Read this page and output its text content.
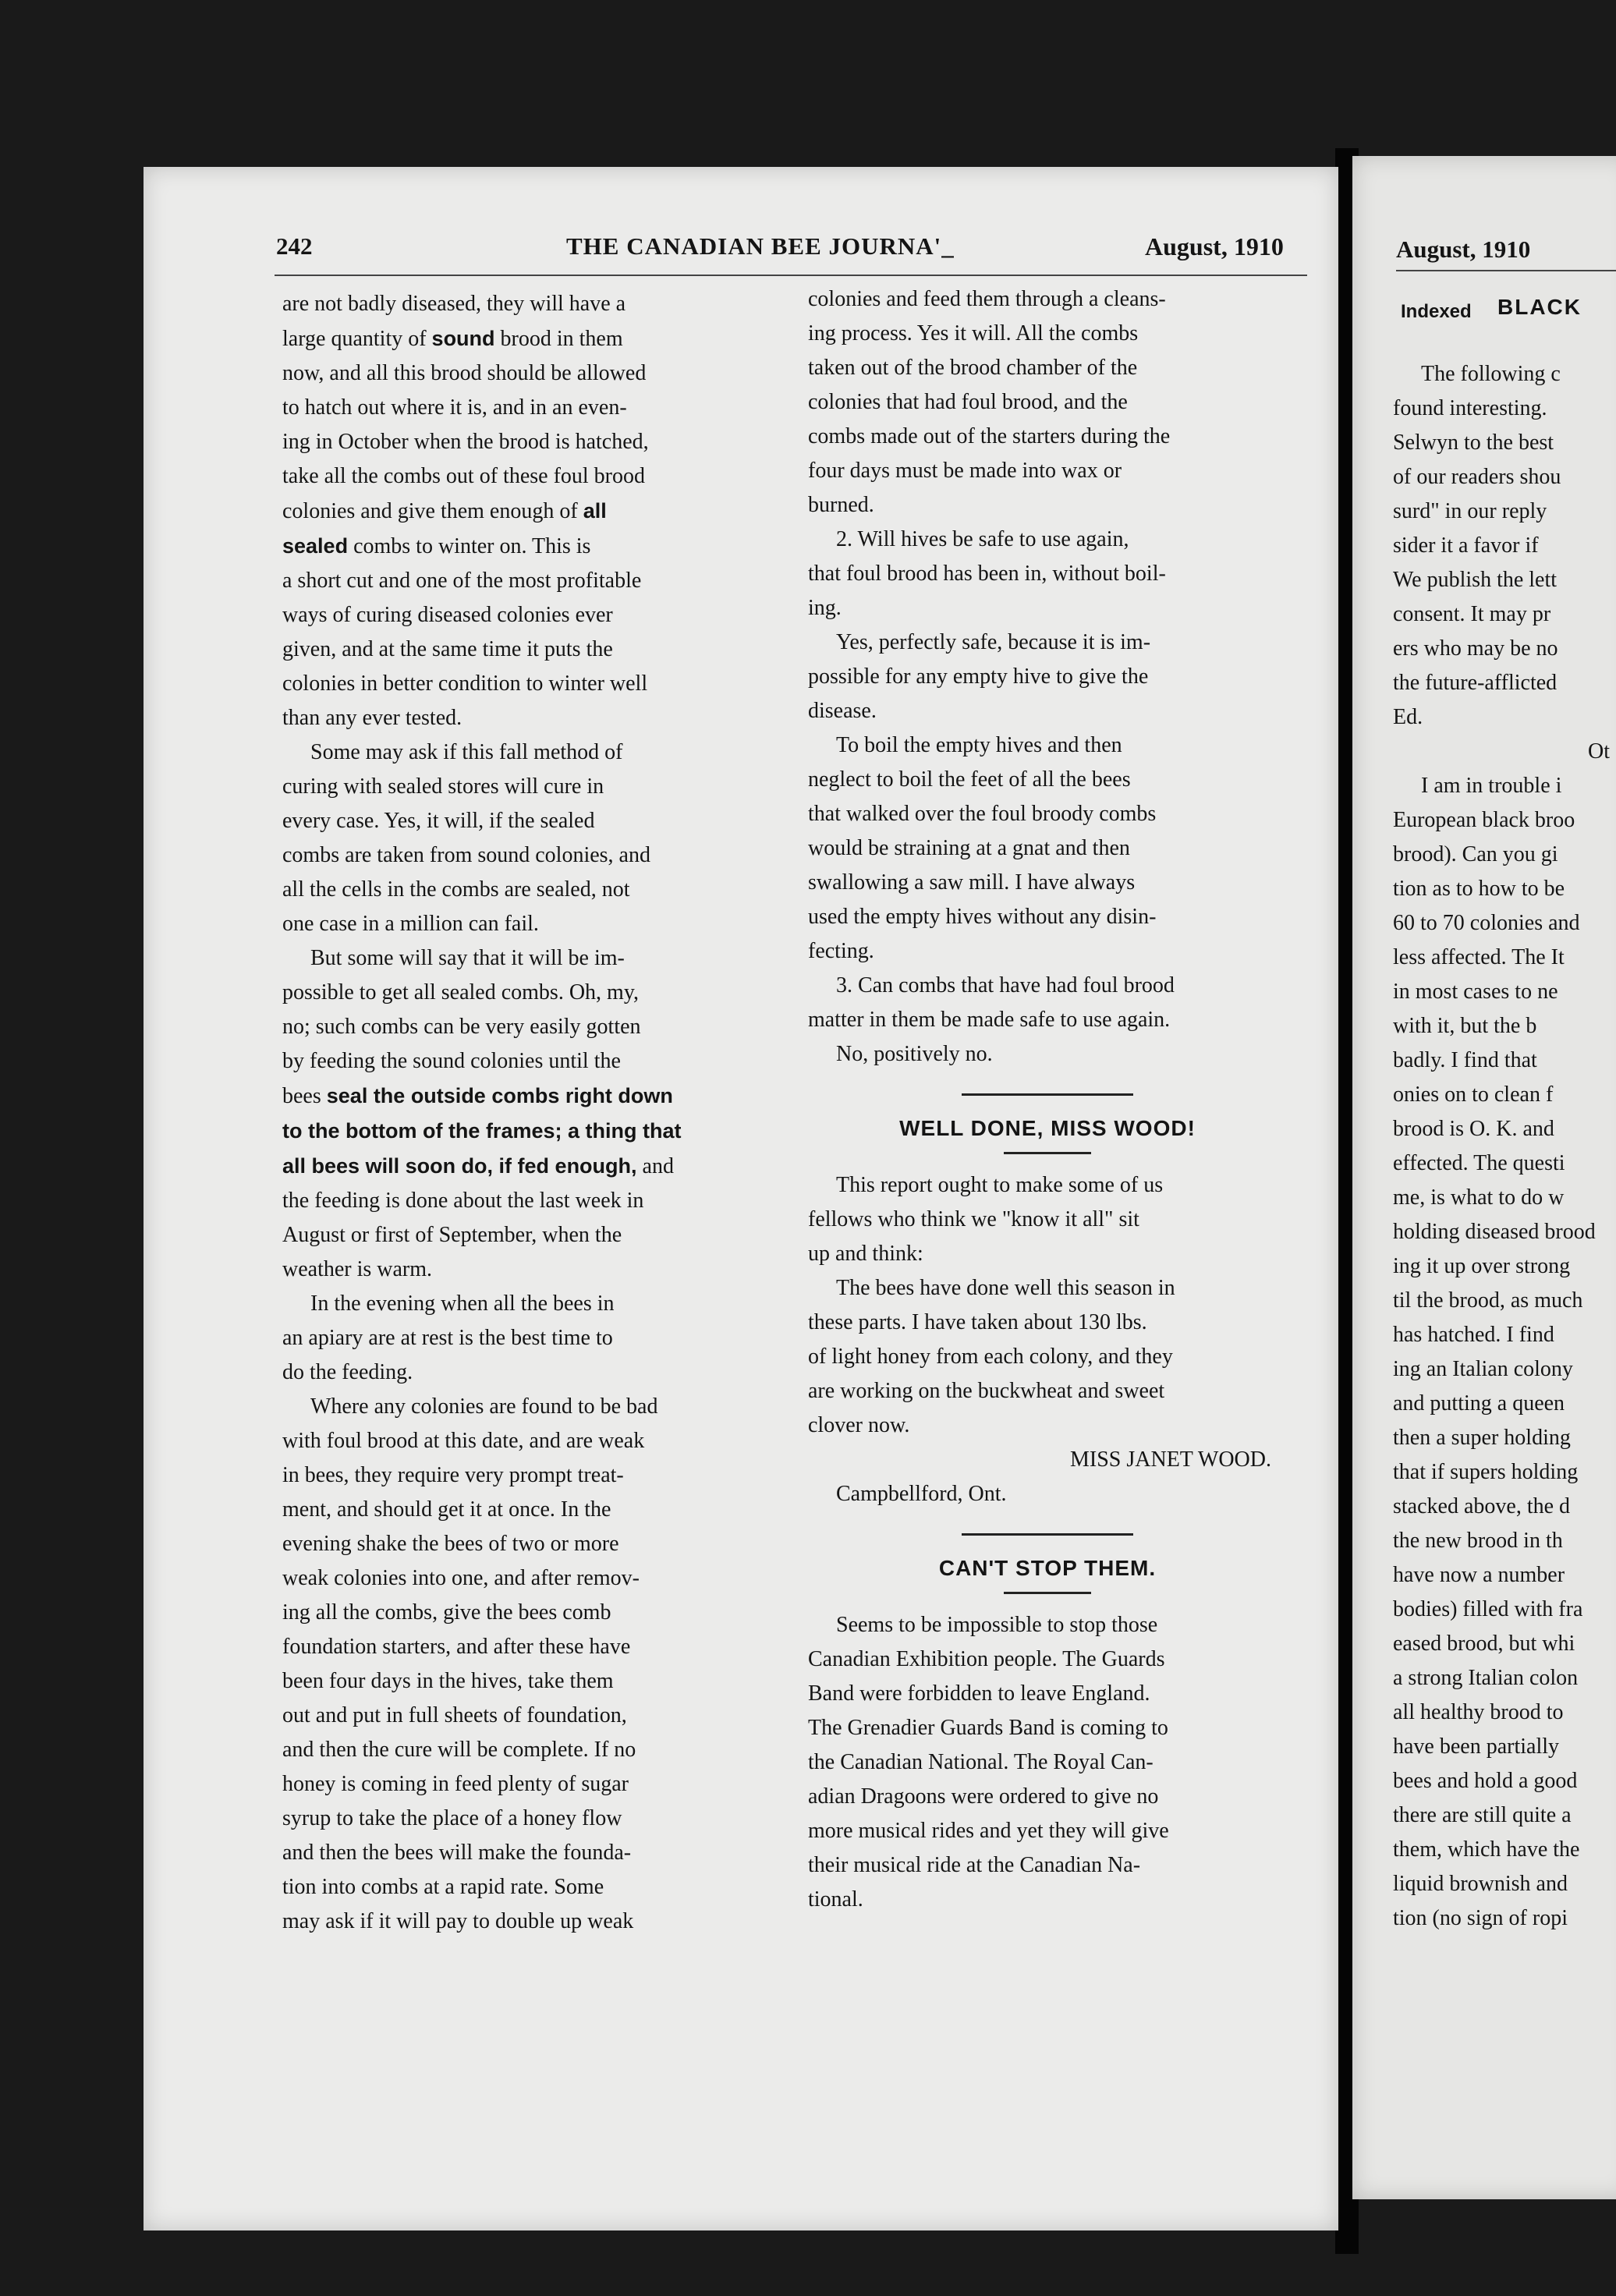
242	THE CANADIAN BEE JOURNA'_	August, 1910

are not badly diseased, they will have a
large quantity of sound brood in them
now, and all this brood should be allowed
to hatch out where it is, and in an even-
ing in October when the brood is hatched,
take all the combs out of these foul brood
colonies and give them enough of all
sealed combs to winter on. This is
a short cut and one of the most profitable
ways of curing diseased colonies ever
given, and at the same time it puts the
colonies in better condition to winter well
than any ever tested.

Some may ask if this fall method of
curing with sealed stores will cure in
every case. Yes, it will, if the sealed
combs are taken from sound colonies, and
all the cells in the combs are sealed, not
one case in a million can fail.

But some will say that it will be im-
possible to get all sealed combs. Oh, my,
no; such combs can be very easily gotten
by feeding the sound colonies until the
bees seal the outside combs right down
to the bottom of the frames; a thing that
all bees will soon do, if fed enough, and
the feeding is done about the last week in
August or first of September, when the
weather is warm.

In the evening when all the bees in
an apiary are at rest is the best time to
do the feeding.

Where any colonies are found to be bad
with foul brood at this date, and are weak
in bees, they require very prompt treat-
ment, and should get it at once. In the
evening shake the bees of two or more
weak colonies into one, and after remov-
ing all the combs, give the bees comb
foundation starters, and after these have
been four days in the hives, take them
out and put in full sheets of foundation,
and then the cure will be complete. If no
honey is coming in feed plenty of sugar
syrup to take the place of a honey flow
and then the bees will make the founda-
tion into combs at a rapid rate. Some
may ask if it will pay to double up weak

colonies and feed them through a cleans-
ing process. Yes it will. All the combs
taken out of the brood chamber of the
colonies that had foul brood, and the
combs made out of the starters during the
four days must be made into wax or
burned.

2. Will hives be safe to use again,
that foul brood has been in, without boil-
ing.

Yes, perfectly safe, because it is im-
possible for any empty hive to give the
disease.

To boil the empty hives and then
neglect to boil the feet of all the bees
that walked over the foul broody combs
would be straining at a gnat and then
swallowing a saw mill. I have always
used the empty hives without any disin-
fecting.

3. Can combs that have had foul brood
matter in them be made safe to use again.

No, positively no.

WELL DONE, MISS WOOD!

This report ought to make some of us
fellows who think we "know it all" sit
up and think:

The bees have done well this season in
these parts. I have taken about 130 lbs.
of light honey from each colony, and they
are working on the buckwheat and sweet
clover now.

MISS JANET WOOD.

Campbellford, Ont.

CAN'T STOP THEM.

Seems to be impossible to stop those
Canadian Exhibition people. The Guards
Band were forbidden to leave England.
The Grenadier Guards Band is coming to
the Canadian National. The Royal Can-
adian Dragoons were ordered to give no
more musical rides and yet they will give
their musical ride at the Canadian Na-
tional.

August, 1910
Indexed BLACK
The following c
found interesting.
Selwyn to the best
of our readers shou
surd" in our reply
sider it a favor if
We publish the lett
consent. It may pr
ers who may be no
the future-afflicted
Ed.
Ot
I am in trouble i
European black broo
brood). Can you gi
tion as to how to be
60 to 70 colonies and
less affected. The It
in most cases to ne
with it, but the b
badly. I find that
onies on to clean f
brood is O. K. and
effected. The questi
me, is what to do w
holding diseased brood
ing it up over strong
til the brood, as much
has hatched. I find
ing an Italian colony
and putting a queen
then a super holding
that if supers holding
stacked above, the d
the new brood in th
have now a number
bodies) filled with fra
eased brood, but whi
a strong Italian colon
all healthy brood to
have been partially
bees and hold a good
there are still quite a
them, which have the
liquid brownish and
tion (no sign of ropi
